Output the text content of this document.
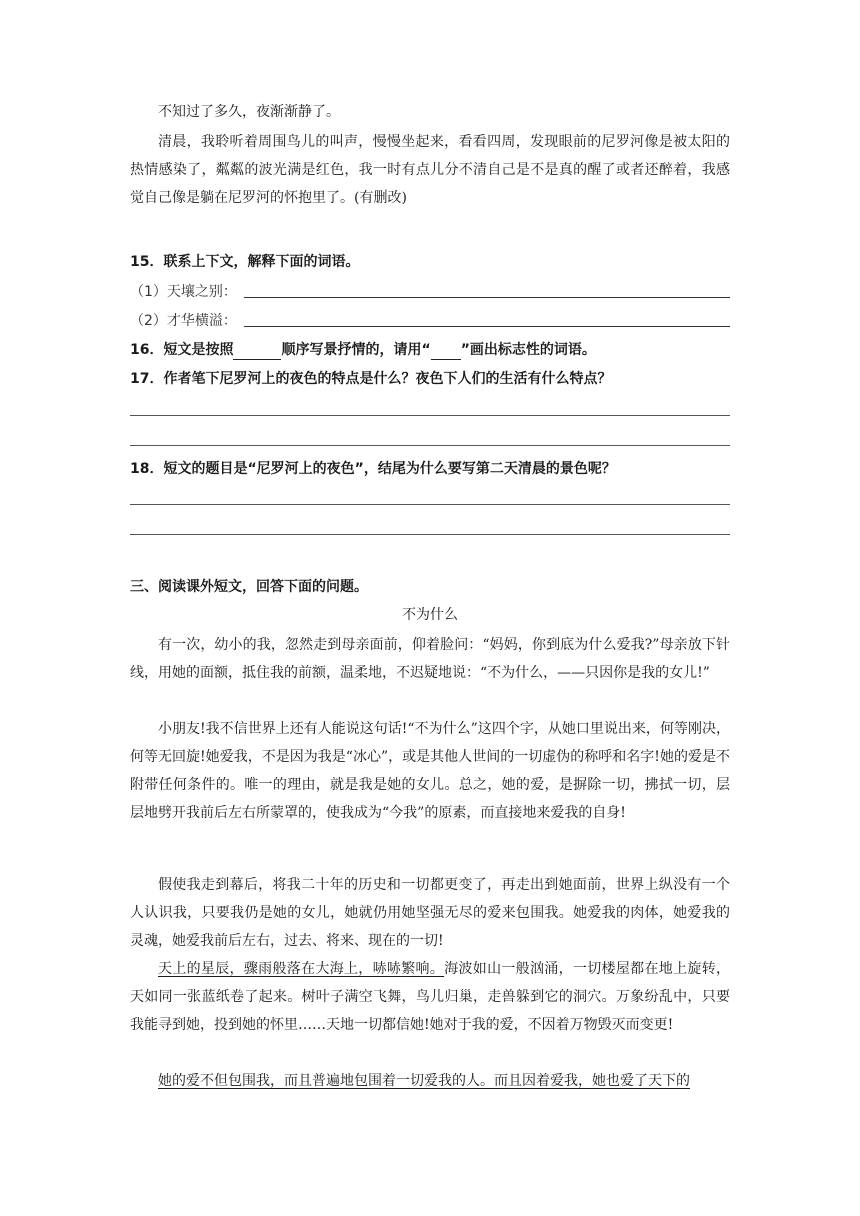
不知过了多久，夜渐渐静了。

清晨，我聆听着周围鸟儿的叫声，慢慢坐起来，看看四周，发现眼前的尼罗河像是被太阳的热情感染了，粼粼的波光满是红色，我一时有点儿分不清自己是不是真的醒了或者还醉着，我感觉自己像是躺在尼罗河的怀抱里了。(有删改)

15．联系上下文，解释下面的词语。

（1）天壤之别：
（2）才华横溢：

16．短文是按照	顺序写景抒情的，请用“ ”画出标志性的词语。

17．作者笔下尼罗河上的夜色的特点是什么？夜色下人们的生活有什么特点？

18．短文的题目是“尼罗河上的夜色”，结尾为什么要写第二天清晨的景色呢？

三、阅读课外短文，回答下面的问题。

不为什么

有一次，幼小的我，忽然走到母亲面前，仰着脸问：“妈妈，你到底为什么爱我?”母亲放下针线，用她的面额，抵住我的前额，温柔地，不迟疑地说：“不为什么，——只因你是我的女儿!”

小朋友!我不信世界上还有人能说这句话!“不为什么”这四个字，从她口里说出来，何等刚决，何等无回旋!她爱我，不是因为我是“冰心”，或是其他人世间的一切虚伪的称呼和名字!她的爱是不附带任何条件的。唯一的理由，就是我是她的女儿。总之，她的爱，是摒除一切，拂拭一切，层层地劈开我前后左右所蒙罩的，使我成为“今我”的原素，而直接地来爱我的自身!

假使我走到幕后，将我二十年的历史和一切都更变了，再走出到她面前，世界上纵没有一个人认识我，只要我仍是她的女儿，她就仍用她坚强无尽的爱来包围我。她爱我的肉体，她爱我的灵魂，她爱我前后左右，过去、将来、现在的一切!

天上的星辰，骤雨般落在大海上，哧哧繁响。海波如山一般汹涌，一切楼屋都在地上旋转，天如同一张蓝纸卷了起来。树叶子满空飞舞，鸟儿归巢，走兽躲到它的洞穴。万象纷乱中，只要我能寻到她，投到她的怀里……天地一切都信她!她对于我的爱，不因着万物毁灭而变更!

她的爱不但包围我，而且普遍地包围着一切爱我的人。而且因着爱我，她也爱了天下的
